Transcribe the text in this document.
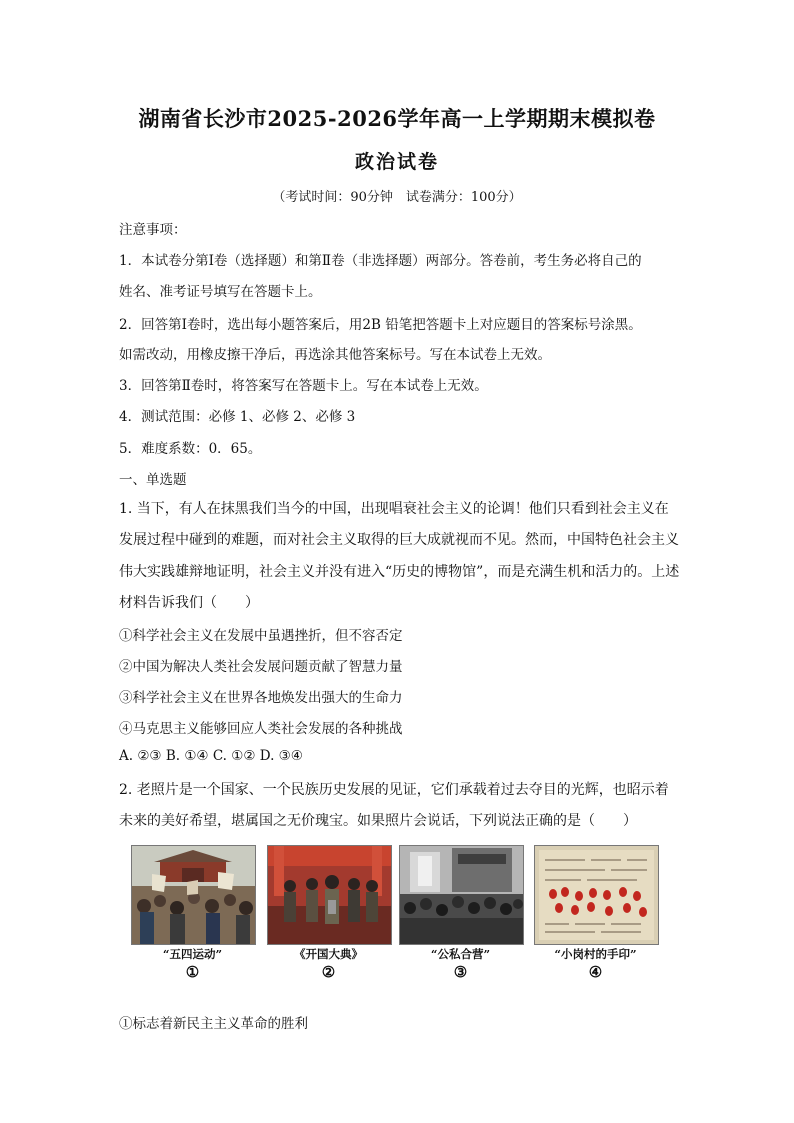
湖南省长沙市2025-2026学年高一上学期期末模拟卷
政治试卷
（考试时间：90分钟　试卷满分：100分）
注意事项：
1．本试卷分第Ⅰ卷（选择题）和第Ⅱ卷（非选择题）两部分。答卷前，考生务必将自己的
姓名、准考证号填写在答题卡上。
2．回答第Ⅰ卷时，选出每小题答案后，用2B 铅笔把答题卡上对应题目的答案标号涂黑。
如需改动，用橡皮擦干净后，再选涂其他答案标号。写在本试卷上无效。
3．回答第Ⅱ卷时，将答案写在答题卡上。写在本试卷上无效。
4．测试范围：必修 1、必修 2、必修 3
5．难度系数：0．65。
一、单选题
1. 当下，有人在抹黑我们当今的中国，出现唱衰社会主义的论调！他们只看到社会主义在
发展过程中碰到的难题，而对社会主义取得的巨大成就视而不见。然而，中国特色社会主义
伟大实践雄辩地证明，社会主义并没有进入“历史的博物馆”，而是充满生机和活力的。上述
材料告诉我们（　　）
①科学社会主义在发展中虽遇挫折，但不容否定
②中国为解决人类社会发展问题贡献了智慧力量
③科学社会主义在世界各地焕发出强大的生命力
④马克思主义能够回应人类社会发展的各种挑战
A. ②③ B. ①④ C. ①② D. ③④
2. 老照片是一个国家、一个民族历史发展的见证，它们承载着过去夺目的光辉，也昭示着
未来的美好希望，堪属国之无价瑰宝。如果照片会说话，下列说法正确的是（　　）
“五四运动”
①
《开国大典》
②
“公私合营”
③
“小岗村的手印”
④
①标志着新民主主义革命的胜利
